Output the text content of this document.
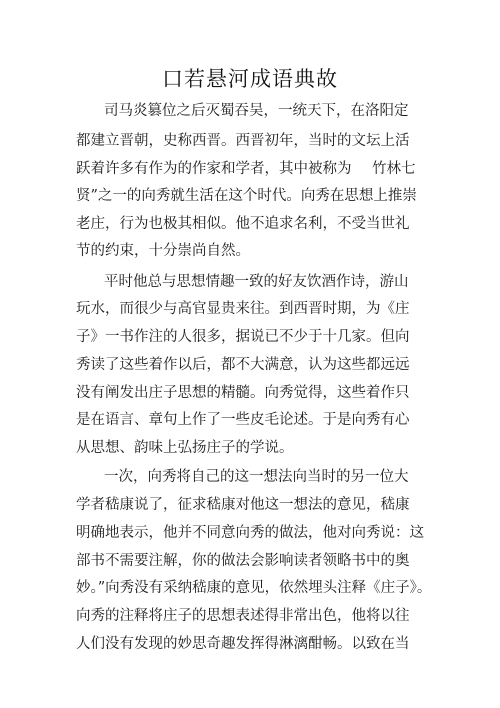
口若悬河成语典故
司马炎篡位之后灭蜀吞吴，一统天下，在洛阳定
都建立晋朝，史称西晋。西晋初年，当时的文坛上活
跃着许多有作为的作家和学者，其中被称为 竹林七
贤”之一的向秀就生活在这个时代。向秀在思想上推崇
老庄，行为也极其相似。他不追求名利，不受当世礼
节的约束，十分崇尚自然。
平时他总与思想情趣一致的好友饮酒作诗，游山
玩水，而很少与高官显贵来往。到西晋时期，为《庄
子》一书作注的人很多，据说已不少于十几家。但向
秀读了这些着作以后，都不大满意，认为这些都远远
没有阐发出庄子思想的精髓。向秀觉得，这些着作只
是在语言、章句上作了一些皮毛论述。于是向秀有心
从思想、韵味上弘扬庄子的学说。
一次，向秀将自己的这一想法向当时的另一位大
学者嵇康说了，征求嵇康对他这一想法的意见，嵇康
明确地表示，他并不同意向秀的做法，他对向秀说：这
部书不需要注解，你的做法会影响读者领略书中的奥
妙。”向秀没有采纳嵇康的意见，依然埋头注释《庄子》。
向秀的注释将庄子的思想表述得非常出色，他将以往
人们没有发现的妙思奇趣发挥得淋漓酣畅。以致在当
